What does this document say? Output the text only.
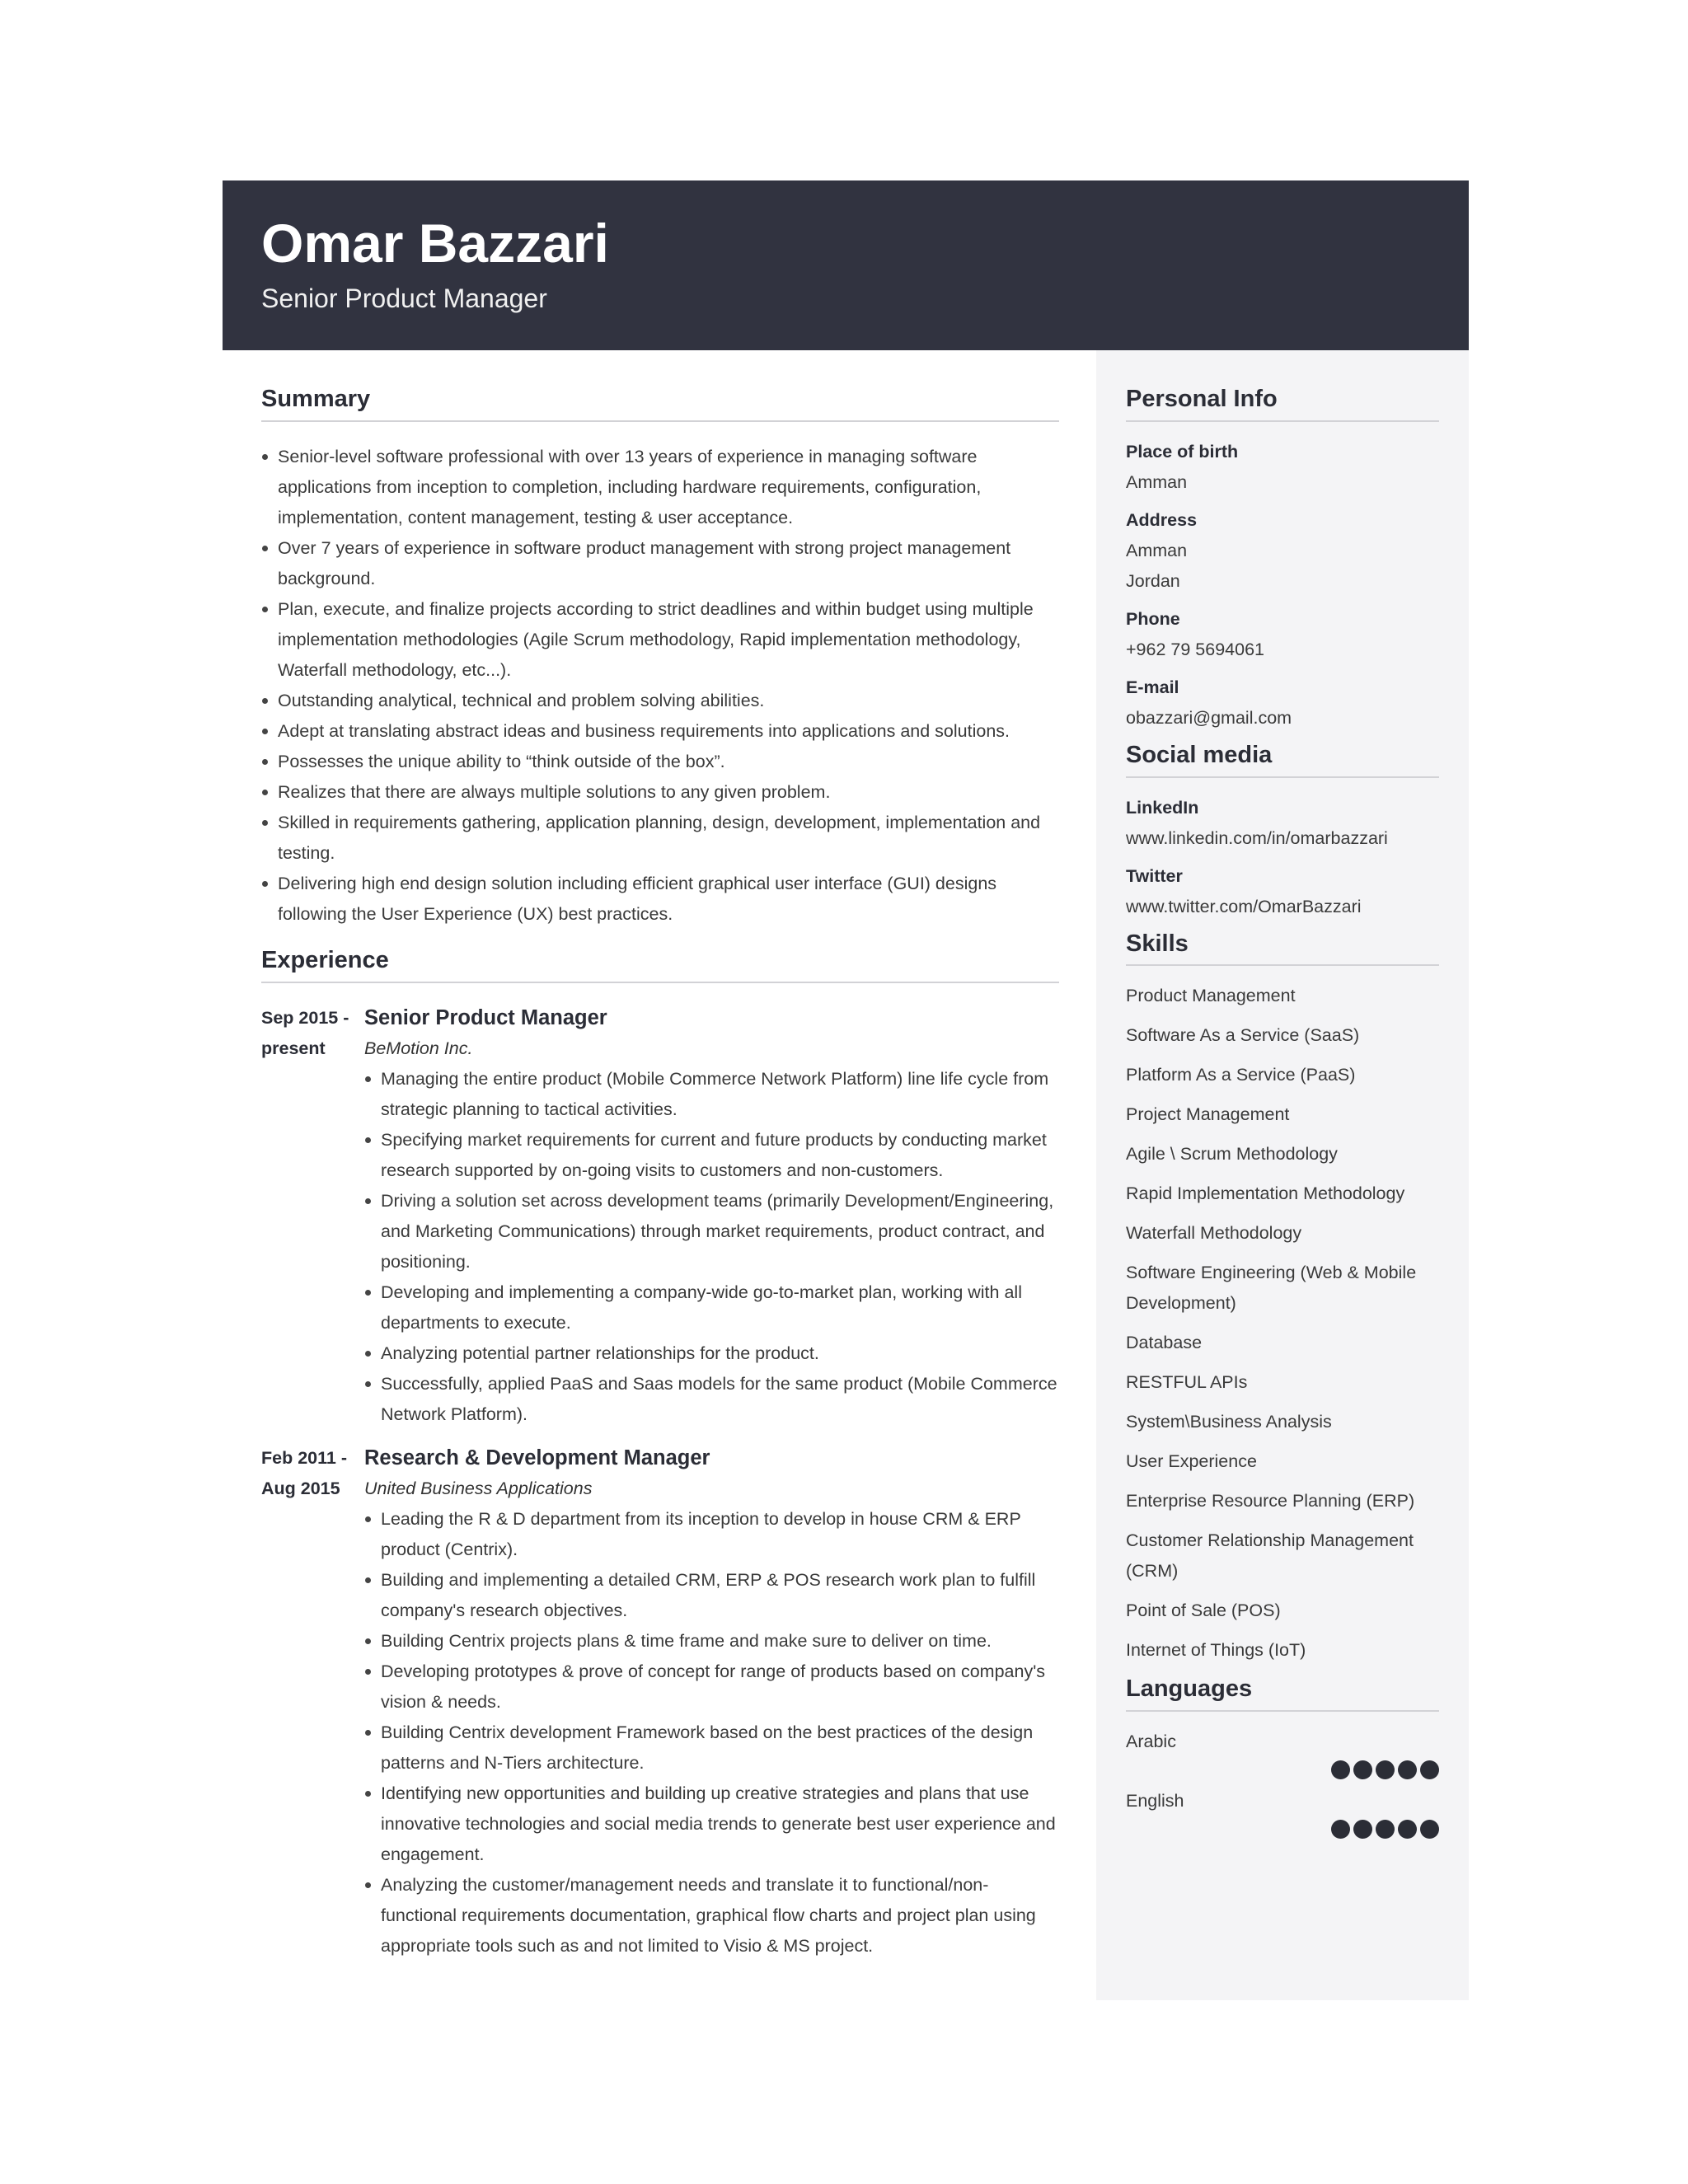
Omar Bazzari
Senior Product Manager
Summary
Senior-level software professional with over 13 years of experience in managing software applications from inception to completion, including hardware requirements, configuration, implementation, content management, testing & user acceptance.
Over 7 years of experience in software product management with strong project management background.
Plan, execute, and finalize projects according to strict deadlines and within budget using multiple implementation methodologies (Agile Scrum methodology, Rapid implementation methodology, Waterfall methodology, etc...).
Outstanding analytical, technical and problem solving abilities.
Adept at translating abstract ideas and business requirements into applications and solutions.
Possesses the unique ability to “think outside of the box”.
Realizes that there are always multiple solutions to any given problem.
Skilled in requirements gathering, application planning, design, development, implementation and testing.
Delivering high end design solution including efficient graphical user interface (GUI) designs following the User Experience (UX) best practices.
Experience
Sep 2015 - present
Senior Product Manager
BeMotion Inc.
Managing the entire product (Mobile Commerce Network Platform) line life cycle from strategic planning to tactical activities.
Specifying market requirements for current and future products by conducting market research supported by on-going visits to customers and non-customers.
Driving a solution set across development teams (primarily Development/Engineering, and Marketing Communications) through market requirements, product contract, and positioning.
Developing and implementing a company-wide go-to-market plan, working with all departments to execute.
Analyzing potential partner relationships for the product.
Successfully, applied PaaS and Saas models for the same product (Mobile Commerce Network Platform).
Feb 2011 - Aug 2015
Research & Development Manager
United Business Applications
Leading the R & D department from its inception to develop in house CRM & ERP product (Centrix).
Building and implementing a detailed CRM, ERP & POS research work plan to fulfill company's research objectives.
Building Centrix projects plans & time frame and make sure to deliver on time.
Developing prototypes & prove of concept for range of products based on company's vision & needs.
Building Centrix development Framework based on the best practices of the design patterns and N-Tiers architecture.
Identifying new opportunities and building up creative strategies and plans that use innovative technologies and social media trends to generate best user experience and engagement.
Analyzing the customer/management needs and translate it to functional/non-functional requirements documentation, graphical flow charts and project plan using appropriate tools such as and not limited to Visio & MS project.
Personal Info
Place of birth
Amman
Address
Amman
Jordan
Phone
+962 79 5694061
E-mail
obazzari@gmail.com
Social media
LinkedIn
www.linkedin.com/in/omarbazzari
Twitter
www.twitter.com/OmarBazzari
Skills
Product Management
Software As a Service (SaaS)
Platform As a Service (PaaS)
Project Management
Agile \ Scrum Methodology
Rapid Implementation Methodology
Waterfall Methodology
Software Engineering (Web & Mobile Development)
Database
RESTFUL APIs
System\Business Analysis
User Experience
Enterprise Resource Planning (ERP)
Customer Relationship Management (CRM)
Point of Sale (POS)
Internet of Things (IoT)
Languages
Arabic
English
